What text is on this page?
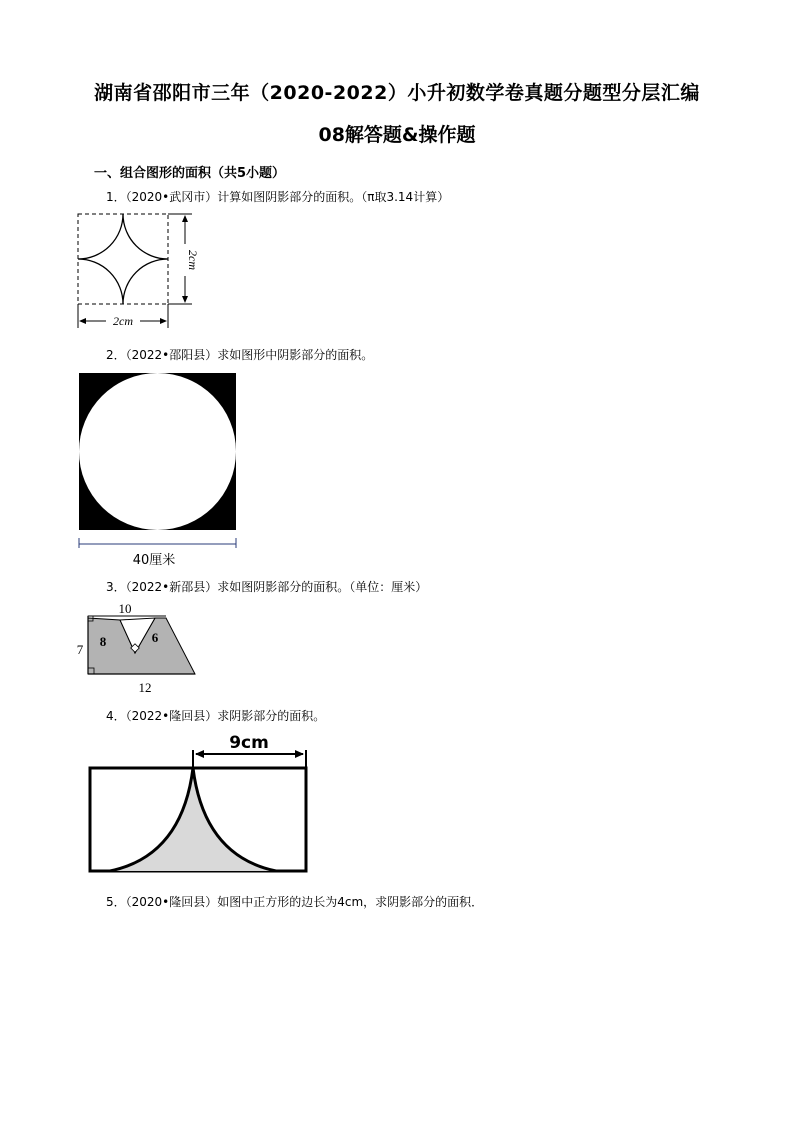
湖南省邵阳市三年（2020-2022）小升初数学卷真题分题型分层汇编
08解答题&操作题
一、组合图形的面积（共5小题）
1．（2020•武冈市）计算如图阴影部分的面积。（π取3.14计算）
2cm
2cm
2．（2022•邵阳县）求如图形中阴影部分的面积。
40厘米
3．（2022•新邵县）求如图阴影部分的面积。（单位：厘米）
10
7
12
8	6
4．（2022•隆回县）求阴影部分的面积。
9cm
5．（2020•隆回县）如图中正方形的边长为4cm，求阴影部分的面积．
